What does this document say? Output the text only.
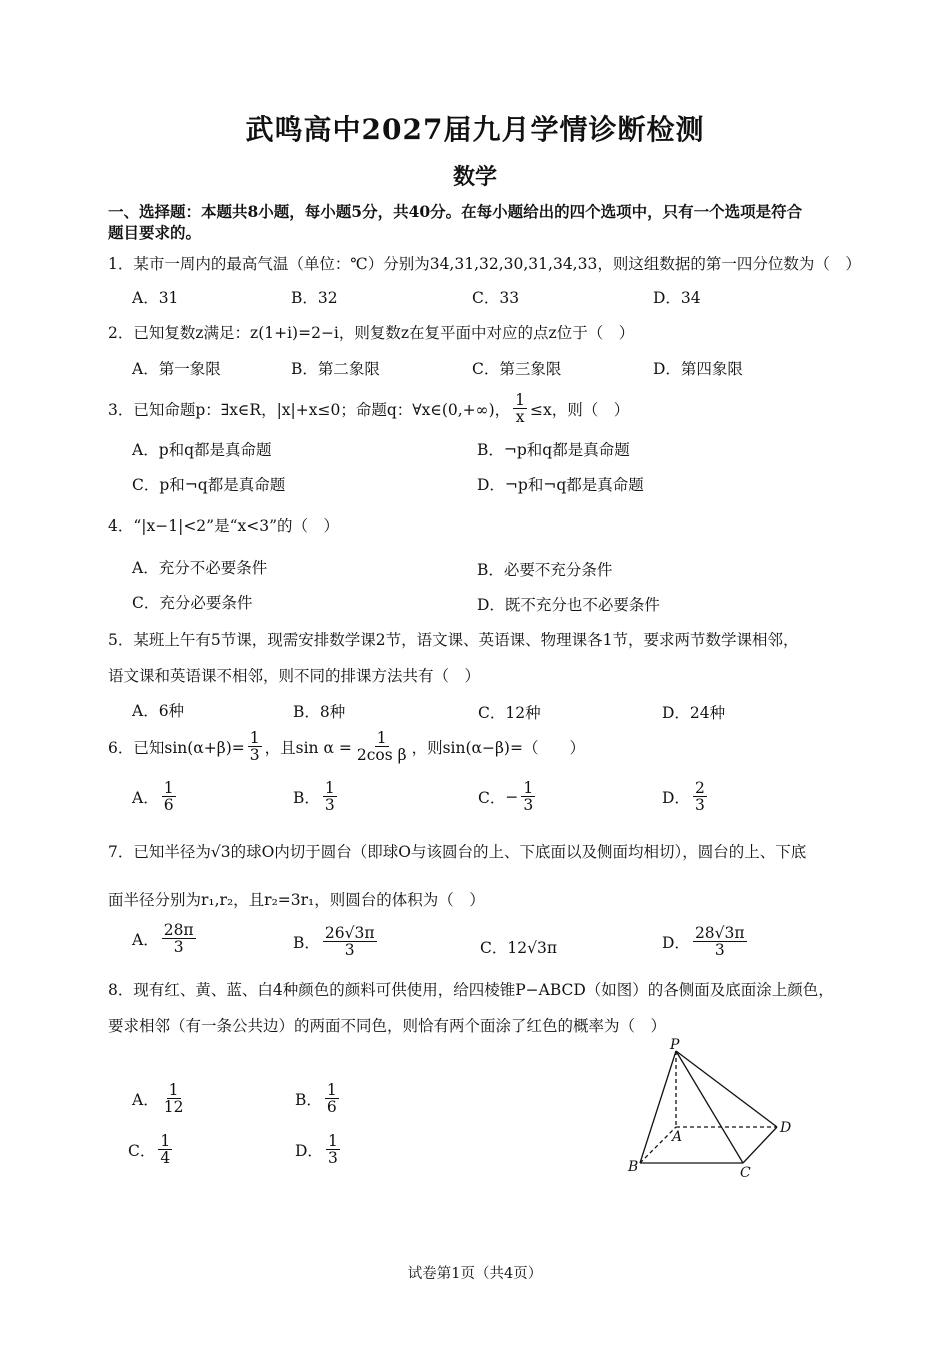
武鸣高中2027届九月学情诊断检测
数学
一、选择题：本题共8小题，每小题5分，共40分。在每小题给出的四个选项中，只有一个选项是符合
题目要求的。
1．某市一周内的最高气温（单位：℃）分别为34,31,32,30,31,34,33，则这组数据的第一四分位数为（　）
A．31	B．32	C．33	D．34
2．已知复数z满足：z(1+i)=2−i，则复数z在复平面中对应的点z位于（　）
A．第一象限	B．第二象限	C．第三象限	D．第四象限
3．已知命题p：∃x∈R，|x|+x≤0；命题q：∀x∈(0,+∞)， $\frac{1}{x} \le x$，则（　）
A．p和q都是真命题	B．¬p和q都是真命题
C．p和¬q都是真命题	D．¬p和¬q都是真命题
4．“|x−1|<2”是“x<3”的（　）
A．充分不必要条件	B．必要不充分条件
C．充分必要条件	D．既不充分也不必要条件
5．某班上午有5节课，现需安排数学课2节，语文课、英语课、物理课各1节，要求两节数学课相邻，
语文课和英语课不相邻，则不同的排课方法共有（　）
A．6种	B．8种	C．12种	D．24种
6．已知$\sin(\alpha+\beta)= \frac{1}{3}$ ，且$\sin \alpha = \frac{1}{\text{2cos β}}$ ，则sin(α−β)=（　　）
A． $\frac{1}{6}$	B． $\frac{1}{3}$	C． − $\frac{1}{3}$	D． $\frac{2}{3}$
7．已知半径为√3的球O内切于圆台（即球O与该圆台的上、下底面以及侧面均相切），圆台的上、下底
面半径分别为r₁,r₂，且r₂=3r₁，则圆台的体积为（　）
A． $\frac{28\pi}{3}$	B． $\frac{26√3\pi}{3}$	C．12√3π	D． $\frac{28√3\pi}{3}$
8．现有红、黄、蓝、白4种颜色的颜料可供使用，给四棱锥P−ABCD（如图）的各侧面及底面涂上颜色，
要求相邻（有一条公共边）的两面不同色，则恰有两个面涂了红色的概率为（　）
A． $\frac{1}{12}$	B． $\frac{1}{6}$
C． $\frac{1}{4}$	D． $\frac{1}{3}$
P
A
B	C
D
试卷第1页（共4页）
